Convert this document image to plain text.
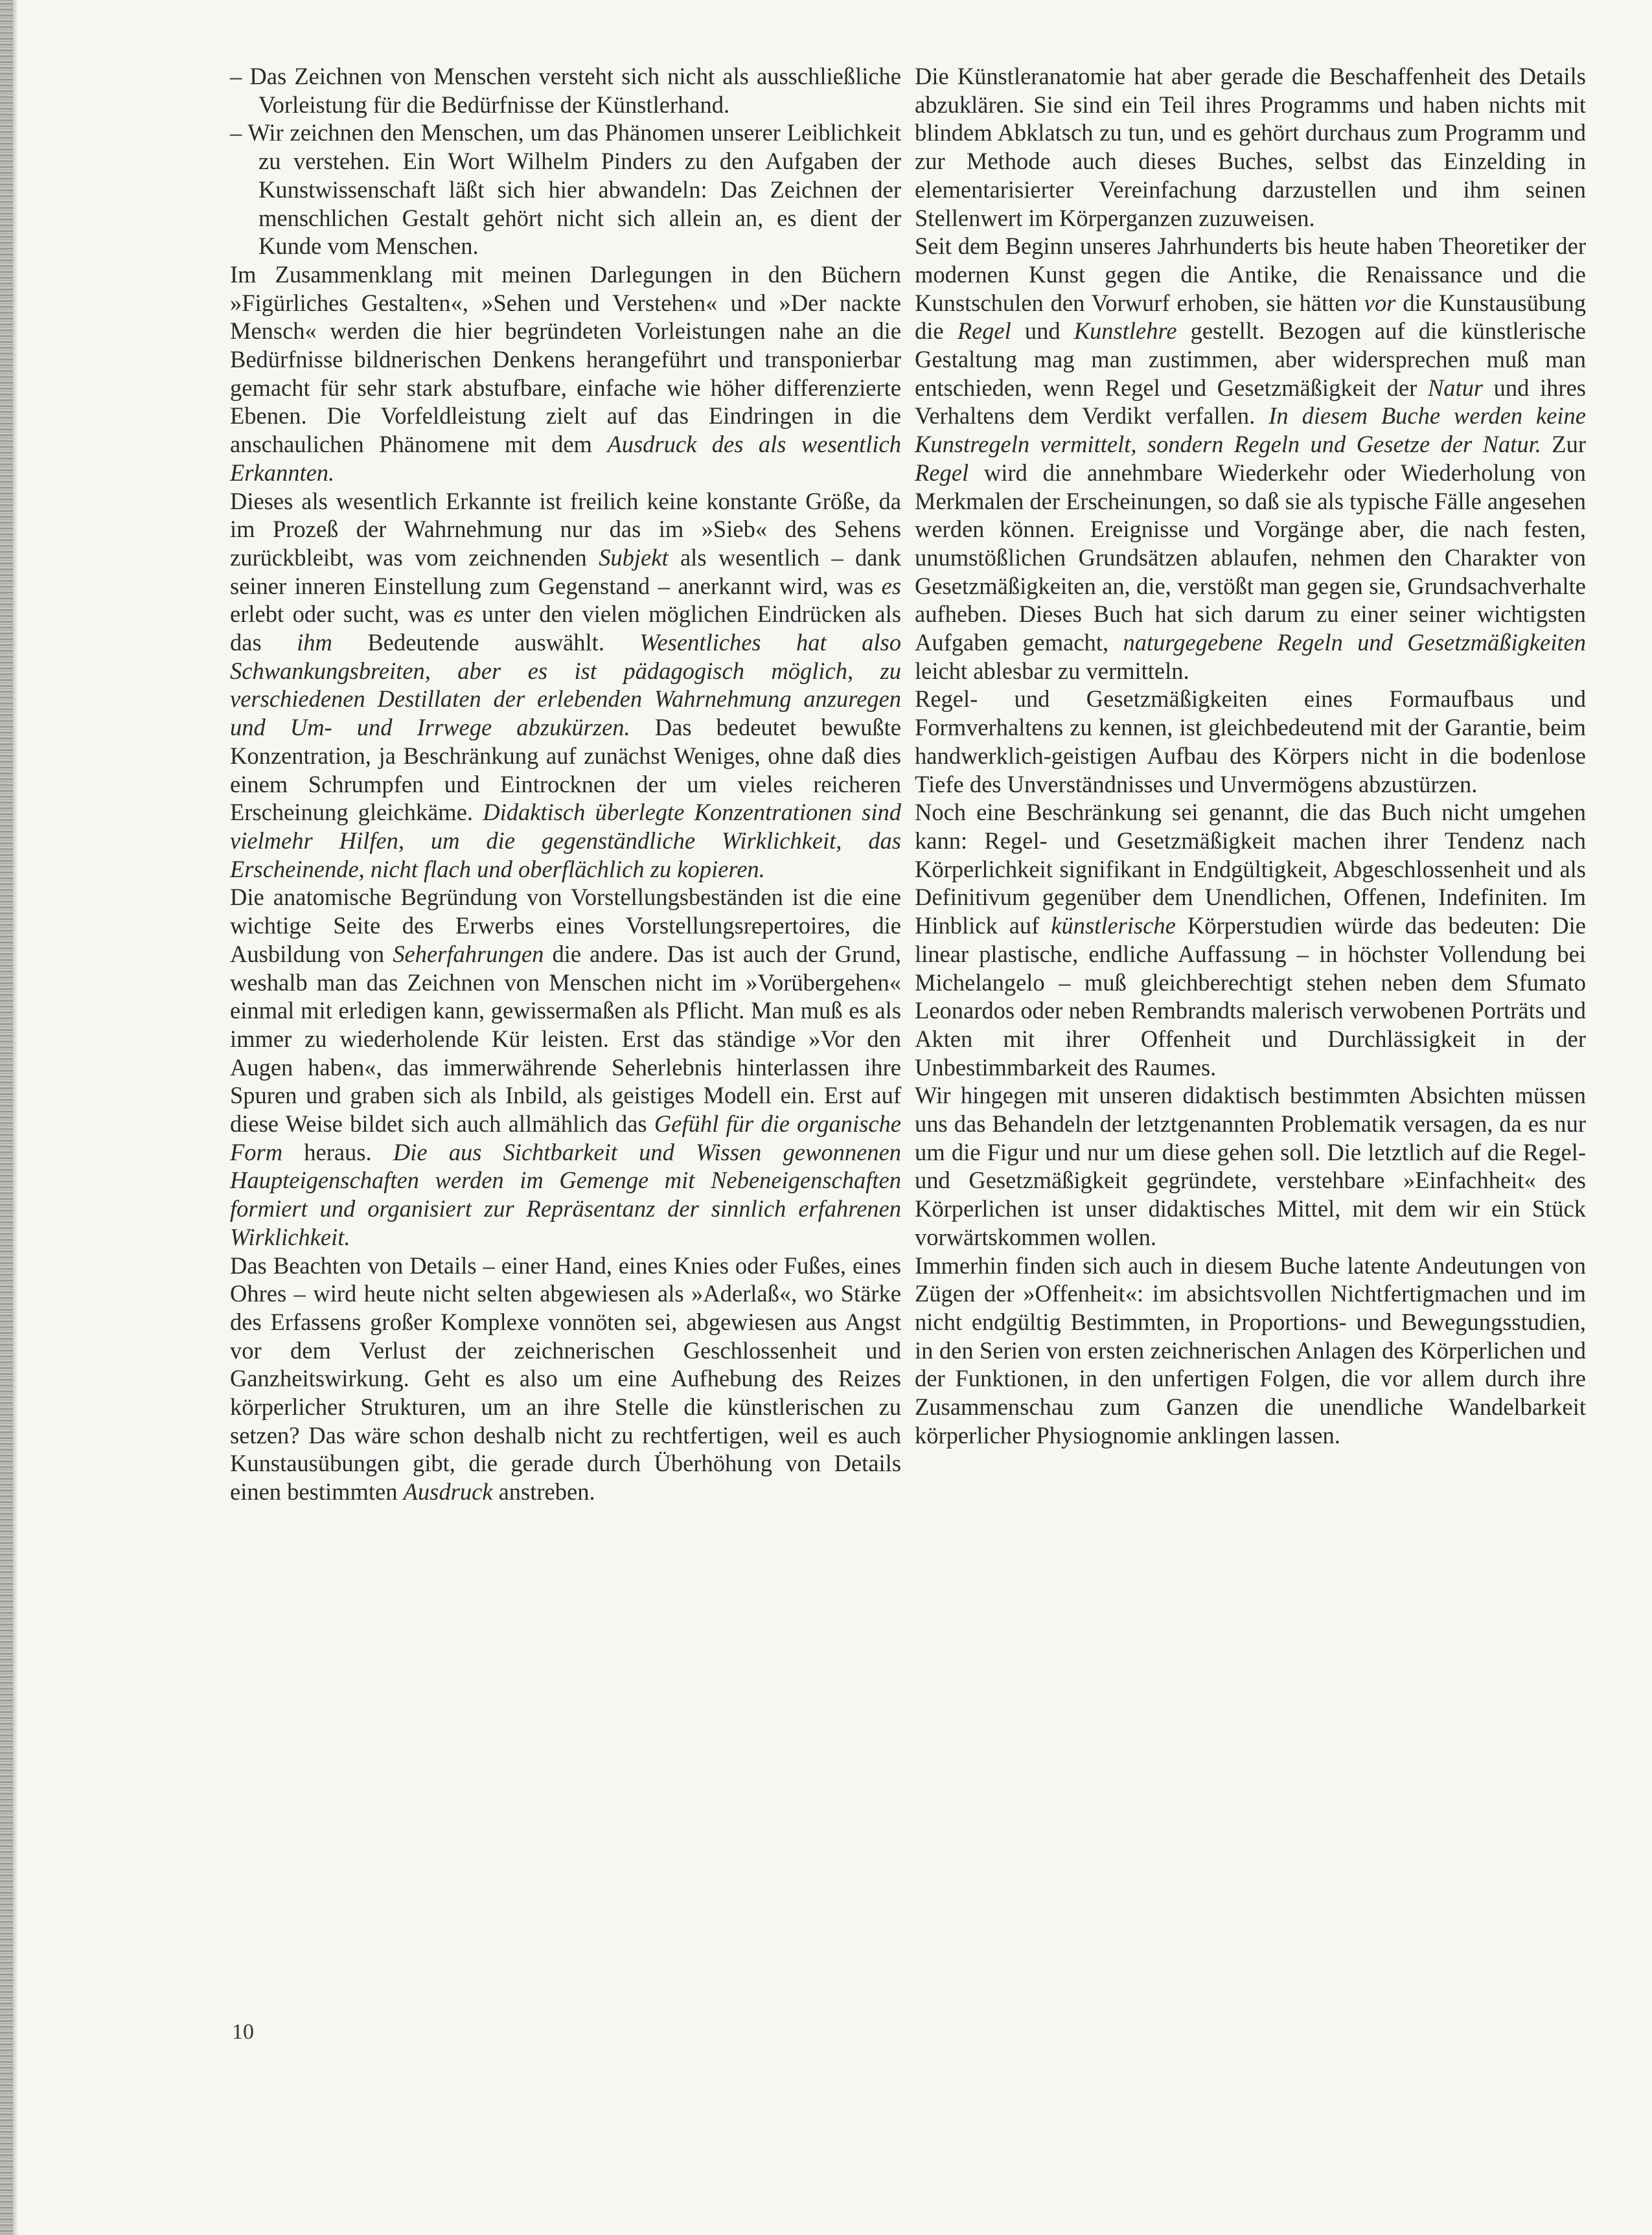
– Das Zeichnen von Menschen versteht sich nicht als ausschließliche Vorleistung für die Bedürfnisse der Künstlerhand.

– Wir zeichnen den Menschen, um das Phänomen unserer Leiblichkeit zu verstehen. Ein Wort Wilhelm Pinders zu den Aufgaben der Kunstwissenschaft läßt sich hier abwandeln: Das Zeichnen der menschlichen Gestalt gehört nicht sich allein an, es dient der Kunde vom Menschen.

Im Zusammenklang mit meinen Darlegungen in den Büchern »Figürliches Gestalten«, »Sehen und Verstehen« und »Der nackte Mensch« werden die hier begründeten Vorleistungen nahe an die Bedürfnisse bildnerischen Denkens herangeführt und transponierbar gemacht für sehr stark abstufbare, einfache wie höher differenzierte Ebenen. Die Vorfeldleistung zielt auf das Eindringen in die anschaulichen Phänomene mit dem Ausdruck des als wesentlich Erkannten.

Dieses als wesentlich Erkannte ist freilich keine konstante Größe, da im Prozeß der Wahrnehmung nur das im »Sieb« des Sehens zurückbleibt, was vom zeichnenden Subjekt als wesentlich – dank seiner inneren Einstellung zum Gegenstand – anerkannt wird, was es erlebt oder sucht, was es unter den vielen möglichen Eindrücken als das ihm Bedeutende auswählt. Wesentliches hat also Schwankungsbreiten, aber es ist pädagogisch möglich, zu verschiedenen Destillaten der erlebenden Wahrnehmung anzuregen und Um- und Irrwege abzukürzen. Das bedeutet bewußte Konzentration, ja Beschränkung auf zunächst Weniges, ohne daß dies einem Schrumpfen und Eintrocknen der um vieles reicheren Erscheinung gleichkäme. Didaktisch überlegte Konzentrationen sind vielmehr Hilfen, um die gegenständliche Wirklichkeit, das Erscheinende, nicht flach und oberflächlich zu kopieren.

Die anatomische Begründung von Vorstellungsbeständen ist die eine wichtige Seite des Erwerbs eines Vorstellungsrepertoires, die Ausbildung von Seherfahrungen die andere. Das ist auch der Grund, weshalb man das Zeichnen von Menschen nicht im »Vorübergehen« einmal mit erledigen kann, gewissermaßen als Pflicht. Man muß es als immer zu wiederholende Kür leisten. Erst das ständige »Vor den Augen haben«, das immerwährende Seherlebnis hinterlassen ihre Spuren und graben sich als Inbild, als geistiges Modell ein. Erst auf diese Weise bildet sich auch allmählich das Gefühl für die organische Form heraus. Die aus Sichtbarkeit und Wissen gewonnenen Haupteigenschaften werden im Gemenge mit Nebeneigenschaften formiert und organisiert zur Repräsentanz der sinnlich erfahrenen Wirklichkeit.

Das Beachten von Details – einer Hand, eines Knies oder Fußes, eines Ohres – wird heute nicht selten abgewiesen als »Aderlaß«, wo Stärke des Erfassens großer Komplexe vonnöten sei, abgewiesen aus Angst vor dem Verlust der zeichnerischen Geschlossenheit und Ganzheitswirkung. Geht es also um eine Aufhebung des Reizes körperlicher Strukturen, um an ihre Stelle die künstlerischen zu setzen? Das wäre schon deshalb nicht zu rechtfertigen, weil es auch Kunstausübungen gibt, die gerade durch Überhöhung von Details einen bestimmten Ausdruck anstreben.

Die Künstleranatomie hat aber gerade die Beschaffenheit des Details abzuklären. Sie sind ein Teil ihres Programms und haben nichts mit blindem Abklatsch zu tun, und es gehört durchaus zum Programm und zur Methode auch dieses Buches, selbst das Einzelding in elementarisierter Vereinfachung darzustellen und ihm seinen Stellenwert im Körperganzen zuzuweisen.

Seit dem Beginn unseres Jahrhunderts bis heute haben Theoretiker der modernen Kunst gegen die Antike, die Renaissance und die Kunstschulen den Vorwurf erhoben, sie hätten vor die Kunstausübung die Regel und Kunstlehre gestellt. Bezogen auf die künstlerische Gestaltung mag man zustimmen, aber widersprechen muß man entschieden, wenn Regel und Gesetzmäßigkeit der Natur und ihres Verhaltens dem Verdikt verfallen. In diesem Buche werden keine Kunstregeln vermittelt, sondern Regeln und Gesetze der Natur. Zur Regel wird die annehmbare Wiederkehr oder Wiederholung von Merkmalen der Erscheinungen, so daß sie als typische Fälle angesehen werden können. Ereignisse und Vorgänge aber, die nach festen, unumstößlichen Grundsätzen ablaufen, nehmen den Charakter von Gesetzmäßigkeiten an, die, verstößt man gegen sie, Grundsachverhalte aufheben. Dieses Buch hat sich darum zu einer seiner wichtigsten Aufgaben gemacht, naturgegebene Regeln und Gesetzmäßigkeiten leicht ablesbar zu vermitteln.

Regel- und Gesetzmäßigkeiten eines Formaufbaus und Formverhaltens zu kennen, ist gleichbedeutend mit der Garantie, beim handwerklich-geistigen Aufbau des Körpers nicht in die bodenlose Tiefe des Unverständnisses und Unvermögens abzustürzen.

Noch eine Beschränkung sei genannt, die das Buch nicht umgehen kann: Regel- und Gesetzmäßigkeit machen ihrer Tendenz nach Körperlichkeit signifikant in Endgültigkeit, Abgeschlossenheit und als Definitivum gegenüber dem Unendlichen, Offenen, Indefiniten. Im Hinblick auf künstlerische Körperstudien würde das bedeuten: Die linear plastische, endliche Auffassung – in höchster Vollendung bei Michelangelo – muß gleichberechtigt stehen neben dem Sfumato Leonardos oder neben Rembrandts malerisch verwobenen Porträts und Akten mit ihrer Offenheit und Durchlässigkeit in der Unbestimmbarkeit des Raumes.

Wir hingegen mit unseren didaktisch bestimmten Absichten müssen uns das Behandeln der letztgenannten Problematik versagen, da es nur um die Figur und nur um diese gehen soll. Die letztlich auf die Regel- und Gesetzmäßigkeit gegründete, verstehbare »Einfachheit« des Körperlichen ist unser didaktisches Mittel, mit dem wir ein Stück vorwärtskommen wollen.

Immerhin finden sich auch in diesem Buche latente Andeutungen von Zügen der »Offenheit«: im absichtsvollen Nichtfertigmachen und im nicht endgültig Bestimmten, in Proportions- und Bewegungsstudien, in den Serien von ersten zeichnerischen Anlagen des Körperlichen und der Funktionen, in den unfertigen Folgen, die vor allem durch ihre Zusammenschau zum Ganzen die unendliche Wandelbarkeit körperlicher Physiognomie anklingen lassen.

10
